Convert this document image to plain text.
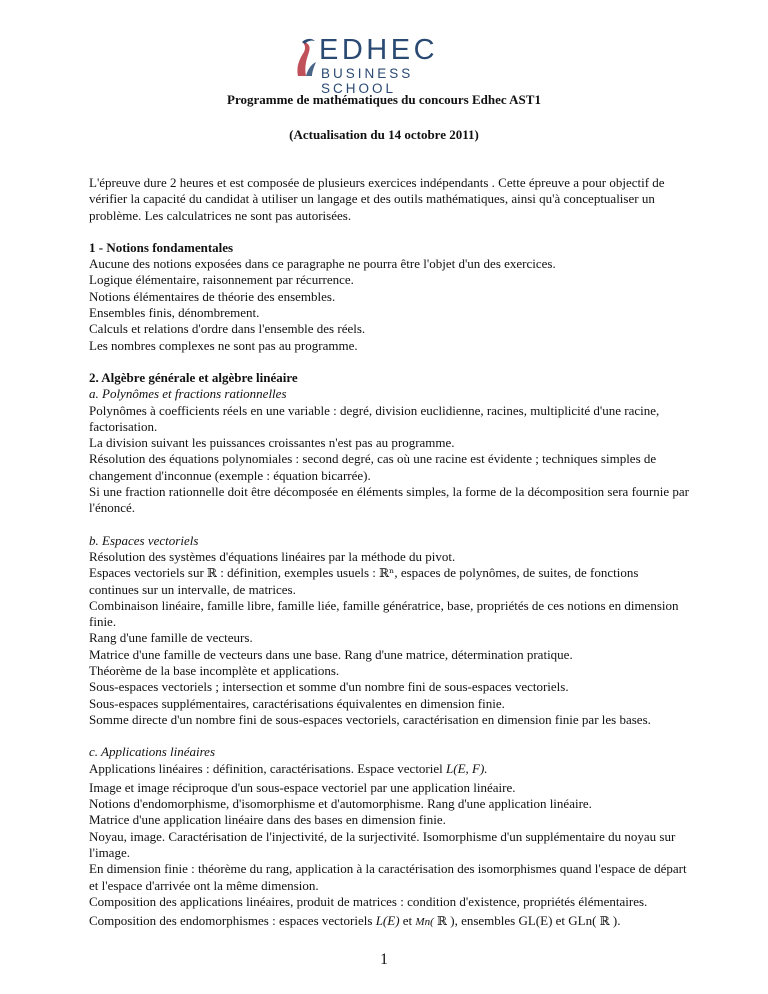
EDHEC
BUSINESS SCHOOL
Programme de mathématiques du concours Edhec AST1
(Actualisation du 14 octobre 2011)

L'épreuve dure 2 heures et est composée de plusieurs exercices indépendants . Cette épreuve a pour objectif de vérifier la capacité du candidat à utiliser un langage et des outils mathématiques, ainsi qu'à conceptualiser un problème. Les calculatrices ne sont pas autorisées.

1 - Notions fondamentales

Aucune des notions exposées dans ce paragraphe ne pourra être l'objet d'un des exercices.

Logique élémentaire, raisonnement par récurrence.

Notions élémentaires de théorie des ensembles.

Ensembles finis, dénombrement.

Calculs et relations d'ordre dans l'ensemble des réels.

Les nombres complexes ne sont pas au programme.

2. Algèbre générale et algèbre linéaire

a. Polynômes et fractions rationnelles

Polynômes à coefficients réels en une variable : degré, division euclidienne, racines, multiplicité d'une racine, factorisation.

La division suivant les puissances croissantes n'est pas au programme.

Résolution des équations polynomiales : second degré, cas où une racine est évidente ; techniques simples de changement d'inconnue (exemple : équation bicarrée).

Si une fraction rationnelle doit être décomposée en éléments simples, la forme de la décomposition sera fournie par l'énoncé.

b. Espaces vectoriels

Résolution des systèmes d'équations linéaires par la méthode du pivot.

Espaces vectoriels sur ℝ : définition, exemples usuels : ℝⁿ, espaces de polynômes, de suites, de fonctions continues sur un intervalle, de matrices.

Combinaison linéaire, famille libre, famille liée, famille génératrice, base, propriétés de ces notions en dimension finie.

Rang d'une famille de vecteurs.

Matrice d'une famille de vecteurs dans une base. Rang d'une matrice, détermination pratique.

Théorème de la base incomplète et applications.

Sous-espaces vectoriels ; intersection et somme d'un nombre fini de sous-espaces vectoriels.

Sous-espaces supplémentaires, caractérisations équivalentes en dimension finie.

Somme directe d'un nombre fini de sous-espaces vectoriels, caractérisation en dimension finie par les bases.

c. Applications linéaires

Applications linéaires : définition, caractérisations. Espace vectoriel L(E, F).

Image et image réciproque d'un sous-espace vectoriel par une application linéaire.

Notions d'endomorphisme, d'isomorphisme et d'automorphisme. Rang d'une application linéaire.

Matrice d'une application linéaire dans des bases en dimension finie.

Noyau, image. Caractérisation de l'injectivité, de la surjectivité. Isomorphisme d'un supplémentaire du noyau sur l'image.

En dimension finie : théorème du rang, application à la caractérisation des isomorphismes quand l'espace de départ et l'espace d'arrivée ont la même dimension.

Composition des applications linéaires, produit de matrices : condition d'existence, propriétés élémentaires.

Composition des endomorphismes : espaces vectoriels L(E) et Mn( ℝ ), ensembles GL(E) et GLn( ℝ ).

1
